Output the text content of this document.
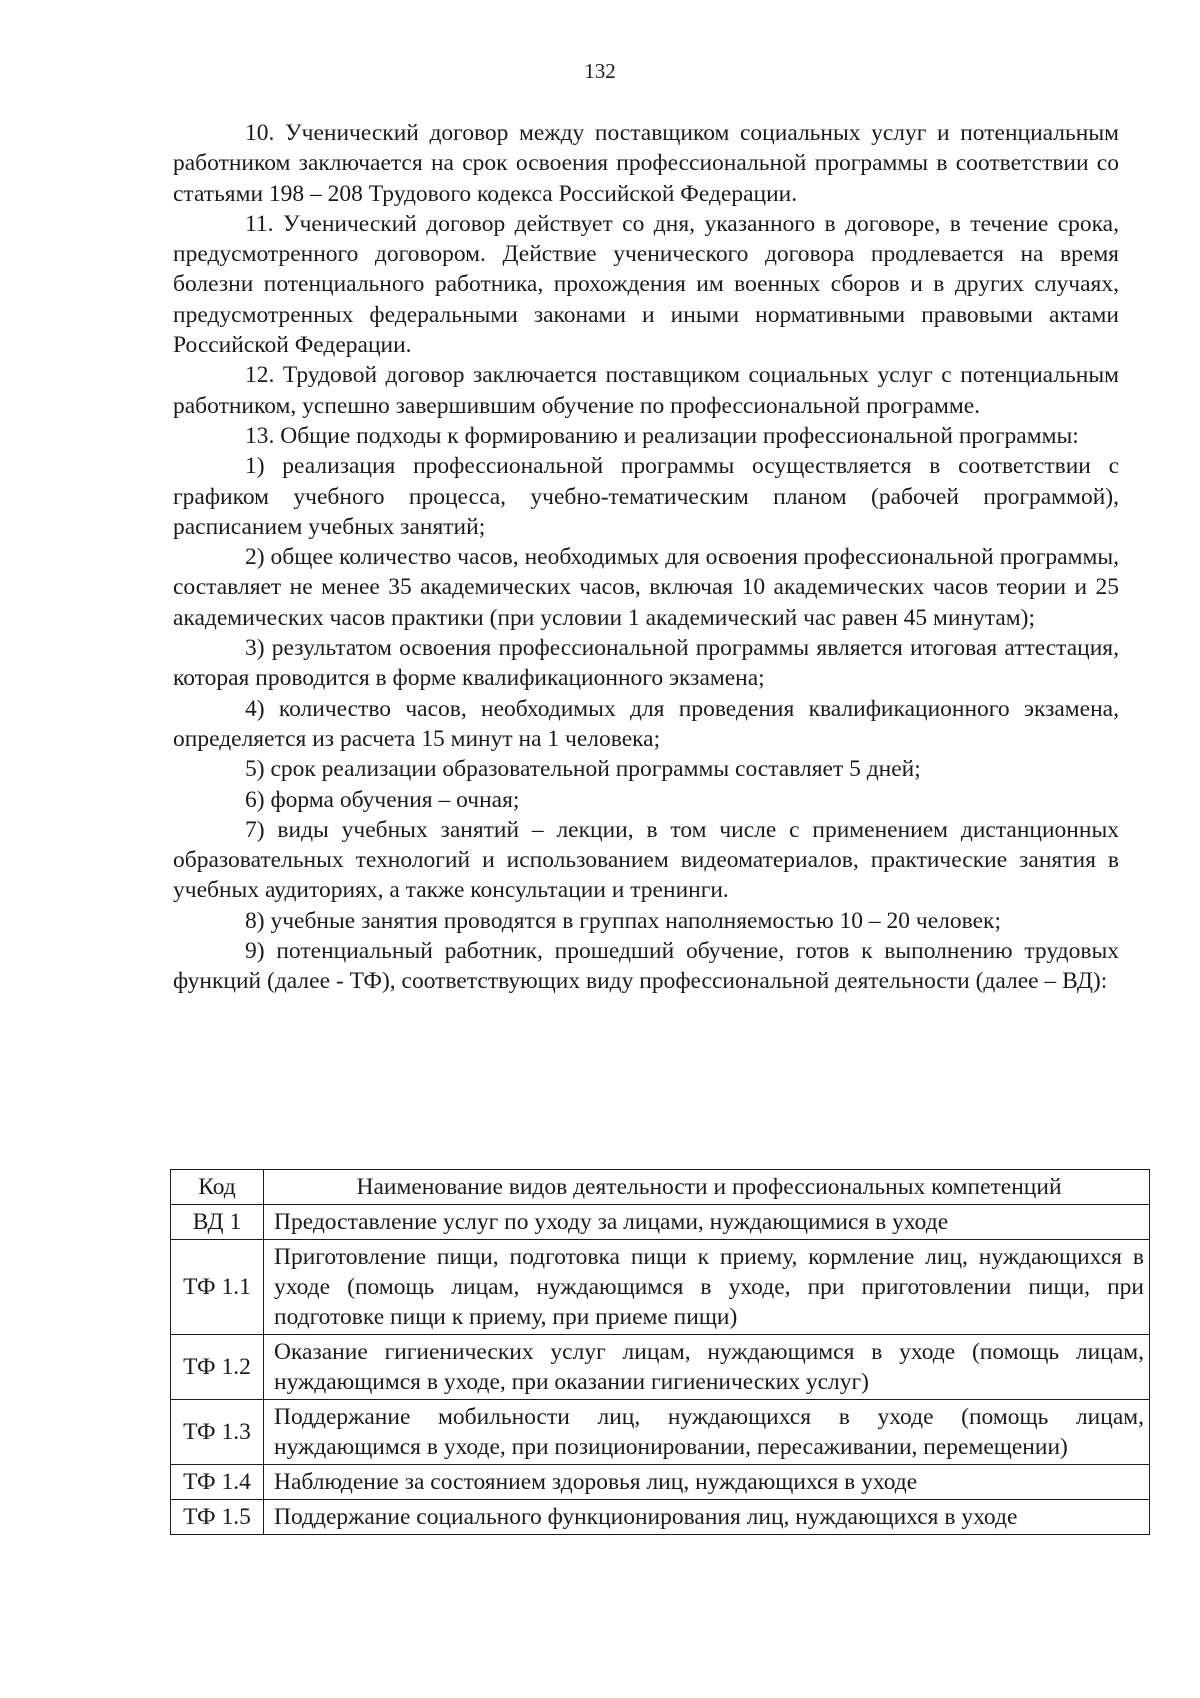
132

10. Ученический договор между поставщиком социальных услуг и потенциальным работником заключается на срок освоения профессиональной программы в соответствии со статьями 198 – 208 Трудового кодекса Российской Федерации.

11. Ученический договор действует со дня, указанного в договоре, в течение срока, предусмотренного договором. Действие ученического договора продлевается на время болезни потенциального работника, прохождения им военных сборов и в других случаях, предусмотренных федеральными законами и иными нормативными правовыми актами Российской Федерации.

12. Трудовой договор заключается поставщиком социальных услуг с потенциальным работником, успешно завершившим обучение по профессиональной программе.

13. Общие подходы к формированию и реализации профессиональной программы:

1) реализация профессиональной программы осуществляется в соответствии с графиком учебного процесса, учебно-тематическим планом (рабочей программой), расписанием учебных занятий;

2) общее количество часов, необходимых для освоения профессиональной программы, составляет не менее 35 академических часов, включая 10 академических часов теории и 25 академических часов практики (при условии 1 академический час равен 45 минутам);

3) результатом освоения профессиональной программы является итоговая аттестация, которая проводится в форме квалификационного экзамена;

4) количество часов, необходимых для проведения квалификационного экзамена, определяется из расчета 15 минут на 1 человека;

5) срок реализации образовательной программы составляет 5 дней;

6) форма обучения – очная;

7) виды учебных занятий – лекции, в том числе с применением дистанционных образовательных технологий и использованием видеоматериалов, практические занятия в учебных аудиториях, а также консультации и тренинги.

8) учебные занятия проводятся в группах наполняемостью 10 – 20 человек;

9) потенциальный работник, прошедший обучение, готов к выполнению трудовых функций (далее - ТФ), соответствующих виду профессиональной деятельности (далее – ВД):

Код	Наименование видов деятельности и профессиональных компетенций
ВД 1	Предоставление услуг по уходу за лицами, нуждающимися в уходе
ТФ 1.1	Приготовление пищи, подготовка пищи к приему, кормление лиц, нуждающихся в уходе (помощь лицам, нуждающимся в уходе, при приготовлении пищи, при подготовке пищи к приему, при приеме пищи)
ТФ 1.2	Оказание гигиенических услуг лицам, нуждающимся в уходе (помощь лицам, нуждающимся в уходе, при оказании гигиенических услуг)
ТФ 1.3	Поддержание мобильности лиц, нуждающихся в уходе (помощь лицам, нуждающимся в уходе, при позиционировании, пересаживании, перемещении)
ТФ 1.4	Наблюдение за состоянием здоровья лиц, нуждающихся в уходе
ТФ 1.5	Поддержание социального функционирования лиц, нуждающихся в уходе
